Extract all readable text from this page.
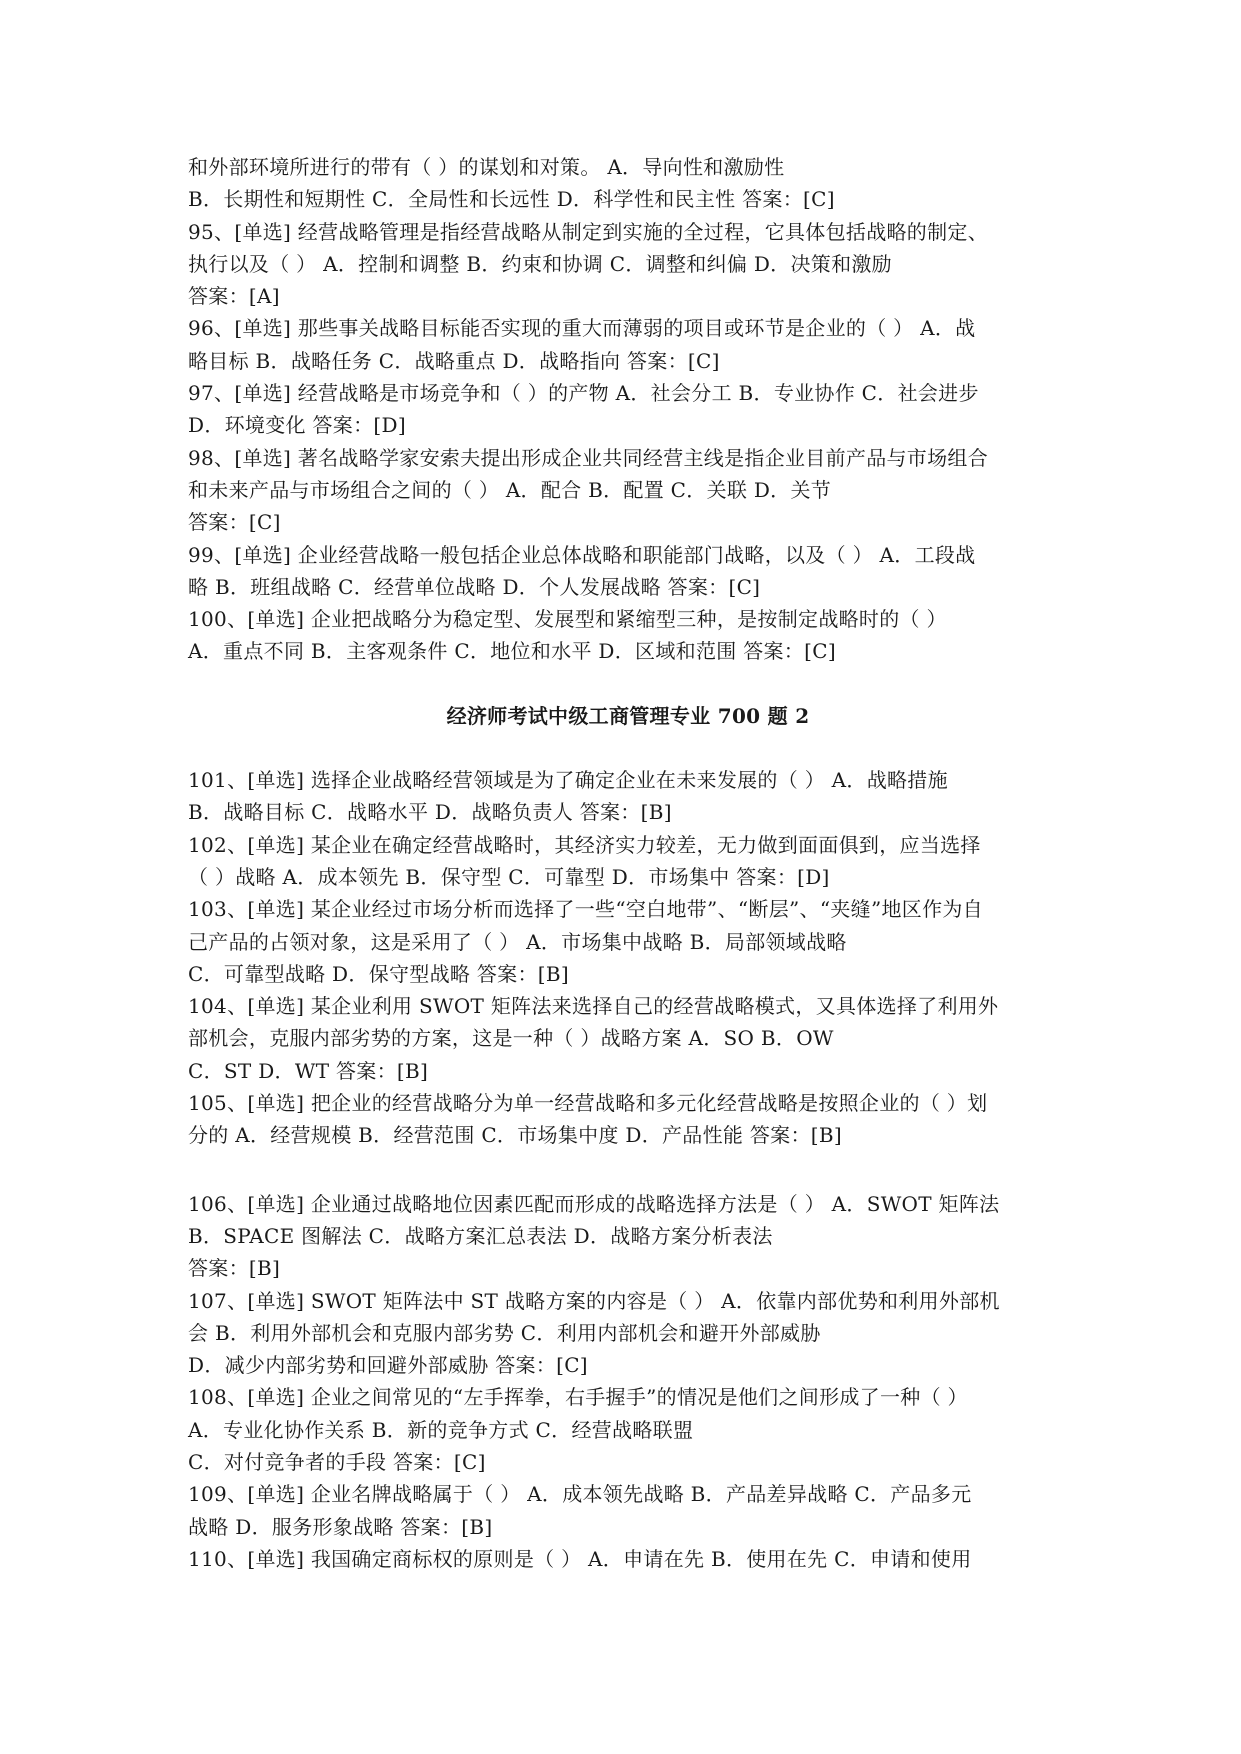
和外部环境所进行的带有（ ）的谋划和对策。 A．导向性和激励性
B．长期性和短期性 C．全局性和长远性 D．科学性和民主性 答案：[C]
95、[单选] 经营战略管理是指经营战略从制定到实施的全过程，它具体包括战略的制定、
执行以及（ ） A．控制和调整 B．约束和协调 C．调整和纠偏 D．决策和激励
答案：[A]
96、[单选] 那些事关战略目标能否实现的重大而薄弱的项目或环节是企业的（ ） A．战
略目标 B．战略任务 C．战略重点 D．战略指向 答案：[C]
97、[单选] 经营战略是市场竞争和（ ）的产物 A．社会分工 B．专业协作 C．社会进步
D．环境变化 答案：[D]
98、[单选] 著名战略学家安索夫提出形成企业共同经营主线是指企业目前产品与市场组合
和未来产品与市场组合之间的（ ） A．配合 B．配置 C．关联 D．关节
答案：[C]
99、[单选] 企业经营战略一般包括企业总体战略和职能部门战略，以及（ ） A．工段战
略 B．班组战略 C．经营单位战略 D．个人发展战略 答案：[C]
100、[单选] 企业把战略分为稳定型、发展型和紧缩型三种，是按制定战略时的（ ）
A．重点不同 B．主客观条件 C．地位和水平 D．区域和范围 答案：[C]
经济师考试中级工商管理专业 700 题 2
101、[单选] 选择企业战略经营领域是为了确定企业在未来发展的（ ） A．战略措施
B．战略目标 C．战略水平 D．战略负责人 答案：[B]
102、[单选] 某企业在确定经营战略时，其经济实力较差，无力做到面面俱到，应当选择
（ ）战略 A．成本领先 B．保守型 C．可靠型 D．市场集中 答案：[D]
103、[单选] 某企业经过市场分析而选择了一些“空白地带”、“断层”、“夹缝”地区作为自
己产品的占领对象，这是采用了（ ） A．市场集中战略 B．局部领域战略
C．可靠型战略 D．保守型战略 答案：[B]
104、[单选] 某企业利用 SWOT 矩阵法来选择自己的经营战略模式，又具体选择了利用外
部机会，克服内部劣势的方案，这是一种（ ）战略方案 A．SO B．OW
C．ST D．WT 答案：[B]
105、[单选] 把企业的经营战略分为单一经营战略和多元化经营战略是按照企业的（ ）划
分的 A．经营规模 B．经营范围 C．市场集中度 D．产品性能 答案：[B]
106、[单选] 企业通过战略地位因素匹配而形成的战略选择方法是（ ） A．SWOT 矩阵法
B．SPACE 图解法 C．战略方案汇总表法 D．战略方案分析表法
答案：[B]
107、[单选] SWOT 矩阵法中 ST 战略方案的内容是（ ） A．依靠内部优势和利用外部机
会 B．利用外部机会和克服内部劣势 C．利用内部机会和避开外部威胁
D．减少内部劣势和回避外部威胁 答案：[C]
108、[单选] 企业之间常见的“左手挥拳，右手握手”的情况是他们之间形成了一种（ ）
A．专业化协作关系 B．新的竞争方式 C．经营战略联盟
C．对付竞争者的手段 答案：[C]
109、[单选] 企业名牌战略属于（ ） A．成本领先战略 B．产品差异战略 C．产品多元
战略 D．服务形象战略 答案：[B]
110、[单选] 我国确定商标权的原则是（ ） A．申请在先 B．使用在先 C．申请和使用
